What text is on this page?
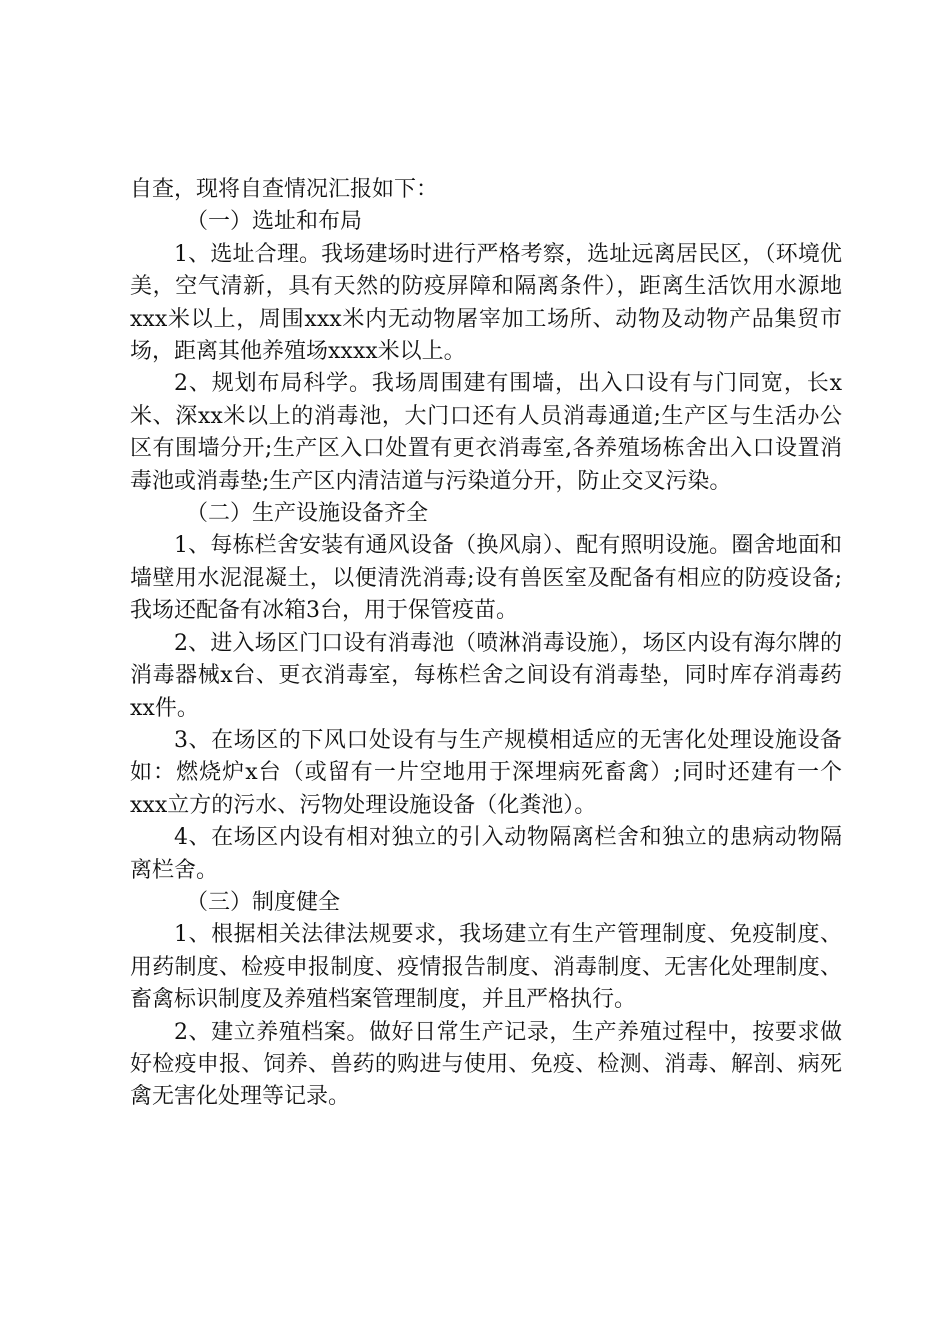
自查，现将自查情况汇报如下：

（一）选址和布局

1、选址合理。我场建场时进行严格考察，选址远离居民区，（环境优美，空气清新，具有天然的防疫屏障和隔离条件），距离生活饮用水源地xxx米以上，周围xxx米内无动物屠宰加工场所、动物及动物产品集贸市场，距离其他养殖场xxxx米以上。

2、规划布局科学。我场周围建有围墙，出入口设有与门同宽，长x米、深xx米以上的消毒池，大门口还有人员消毒通道;生产区与生活办公区有围墙分开;生产区入口处置有更衣消毒室,各养殖场栋舍出入口设置消毒池或消毒垫;生产区内清洁道与污染道分开，防止交叉污染。

（二）生产设施设备齐全

1、每栋栏舍安装有通风设备（换风扇）、配有照明设施。圈舍地面和墙壁用水泥混凝土，以便清洗消毒;设有兽医室及配备有相应的防疫设备;我场还配备有冰箱3台，用于保管疫苗。

2、进入场区门口设有消毒池（喷淋消毒设施），场区内设有海尔牌的消毒器械x台、更衣消毒室，每栋栏舍之间设有消毒垫，同时库存消毒药xx件。

3、在场区的下风口处设有与生产规模相适应的无害化处理设施设备如：燃烧炉x台（或留有一片空地用于深埋病死畜禽）;同时还建有一个xxx立方的污水、污物处理设施设备（化粪池）。

4、在场区内设有相对独立的引入动物隔离栏舍和独立的患病动物隔离栏舍。

（三）制度健全

1、根据相关法律法规要求，我场建立有生产管理制度、免疫制度、用药制度、检疫申报制度、疫情报告制度、消毒制度、无害化处理制度、畜禽标识制度及养殖档案管理制度，并且严格执行。

2、建立养殖档案。做好日常生产记录，生产养殖过程中，按要求做好检疫申报、饲养、兽药的购进与使用、免疫、检测、消毒、解剖、病死禽无害化处理等记录。
